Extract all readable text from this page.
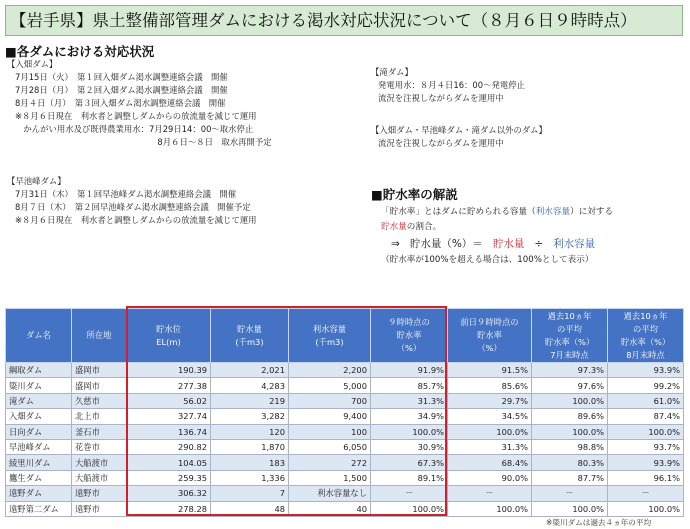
【岩手県】県土整備部管理ダムにおける渇水対応状況について（８月６日９時時点）
■各ダムにおける対応状況
【入畑ダム】
7月15日（火）　第１回入畑ダム渇水調整連絡会議　開催
7月28日（月）　第２回入畑ダム渇水調整連絡会議　開催
8月４日（月）　第３回入畑ダム渇水調整連絡会議　開催
※８月６日現在　利水者と調整しダムからの放流量を減じて運用
　かんがい用水及び既得農業用水：7月29日14：00～取水停止
　　　　　　　　　　　　　　　　　8月６日～８日　取水再開予定
【早池峰ダム】
7月31日（木）　第１回早池峰ダム渇水調整連絡会議　開催
8月７日（木）　第２回早池峰ダム渇水調整連絡会議　開催予定
※８月６日現在　利水者と調整しダムからの放流量を減じて運用
【滝ダム】
発電用水：８月４日16：00～発電停止
流況を注視しながらダムを運用中
【入畑ダム・早池峰ダム・滝ダム以外のダム】
流況を注視しながらダムを運用中
■貯水率の解説
「貯水率」とはダムに貯められる容量（利水容量）に対する
貯水量の割合。
⇒ 貯水量（%）＝ 貯水量 ÷ 利水容量
（貯水率が100%を超える場合は、100%として表示）
ダム名	所在地	貯水位
EL(m)	貯水量
(千m3)	利水容量
(千m3)	９時時点の
貯水率
（%）	前日９時時点の
貯水率
（%）	過去10ヵ年
の平均
貯水率（%）
7月末時点	過去10ヵ年
の平均
貯水率（%）
8月末時点
綱取ダム	盛岡市	190.39	2,021	2,200	91.9%	91.5%	97.3%	93.9%
簗川ダム	盛岡市	277.38	4,283	5,000	85.7%	85.6%	97.6%	99.2%
滝ダム	久慈市	56.02	219	700	31.3%	29.7%	100.0%	61.0%
入畑ダム	北上市	327.74	3,282	9,400	34.9%	34.5%	89.6%	87.4%
日向ダム	釜石市	136.74	120	100	100.0%	100.0%	100.0%	100.0%
早池峰ダム	花巻市	290.82	1,870	6,050	30.9%	31.3%	98.8%	93.7%
綾里川ダム	大船渡市	104.05	183	272	67.3%	68.4%	80.3%	93.9%
鷹生ダム	大船渡市	259.35	1,336	1,500	89.1%	90.0%	87.7%	96.1%
遠野ダム	遠野市	306.32	7	利水容量なし	－	－	－	－
遠野第二ダム	遠野市	278.28	48	40	100.0%	100.0%	100.0%	100.0%
※簗川ダムは過去４ヵ年の平均
